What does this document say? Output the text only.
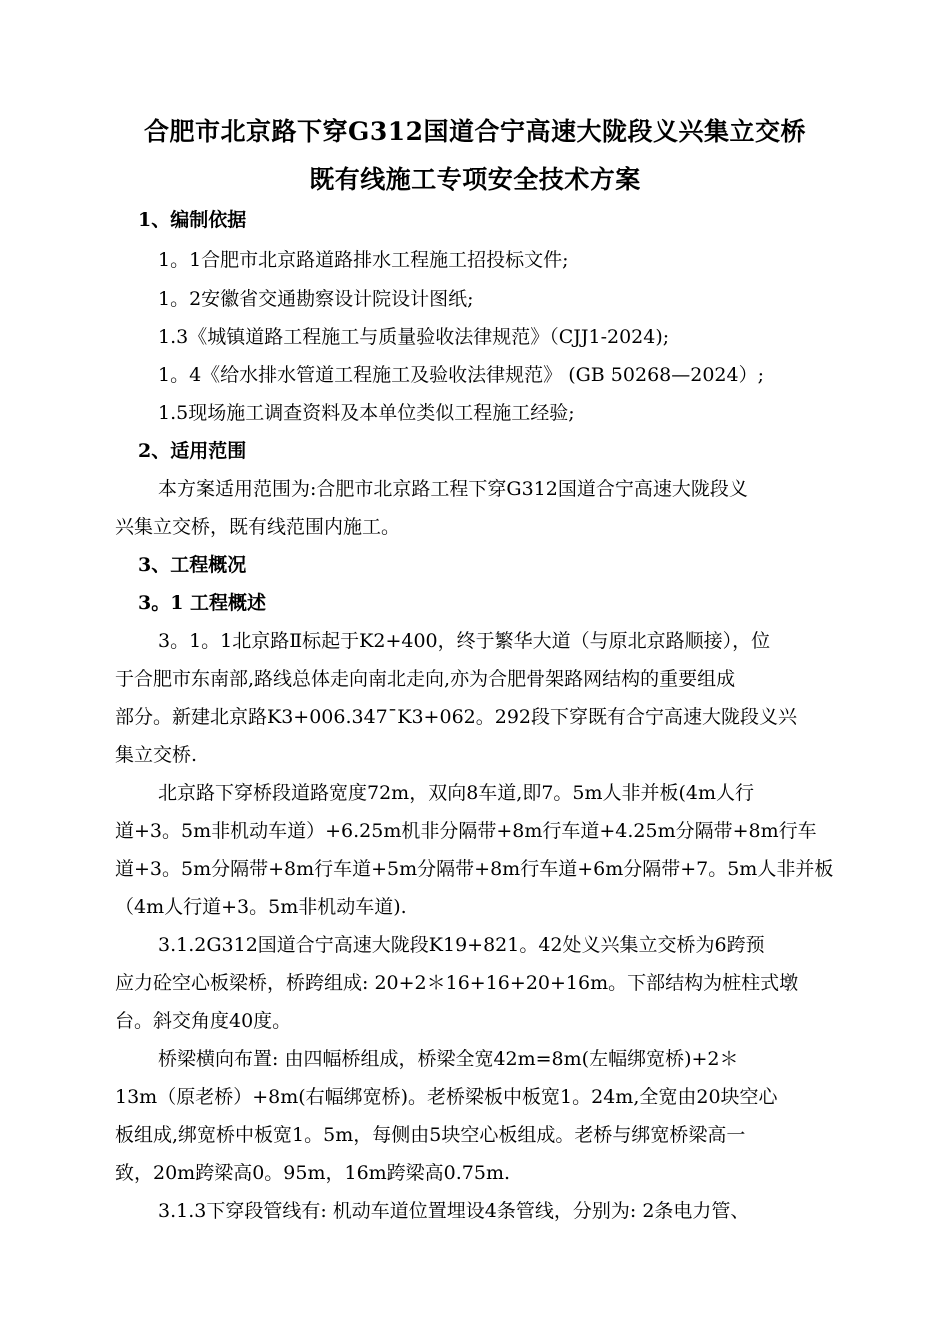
合肥市北京路下穿G312国道合宁高速大陇段义兴集立交桥
既有线施工专项安全技术方案
1、编制依据
1。1合肥市北京路道路排水工程施工招投标文件;
1。2安徽省交通勘察设计院设计图纸;
1.3《城镇道路工程施工与质量验收法律规范》（CJJ1-2024);
1。4《给水排水管道工程施工及验收法律规范》 (GB 50268—2024）;
1.5现场施工调查资料及本单位类似工程施工经验;
2、适用范围
本方案适用范围为:合肥市北京路工程下穿G312国道合宁高速大陇段义
兴集立交桥，既有线范围内施工。
3、工程概况
3。1 工程概述
3。1。1北京路Ⅱ标起于K2+400，终于繁华大道（与原北京路顺接），位
于合肥市东南部,路线总体走向南北走向,亦为合肥骨架路网结构的重要组成
部分。新建北京路K3+006.347¯K3+062。292段下穿既有合宁高速大陇段义兴
集立交桥.
北京路下穿桥段道路宽度72m，双向8车道,即7。5m人非并板(4m人行
道+3。5m非机动车道）+6.25m机非分隔带+8m行车道+4.25m分隔带+8m行车
道+3。5m分隔带+8m行车道+5m分隔带+8m行车道+6m分隔带+7。5m人非并板
（4m人行道+3。5m非机动车道).
3.1.2G312国道合宁高速大陇段K19+821。42处义兴集立交桥为6跨预
应力砼空心板梁桥，桥跨组成: 20+2＊16+16+20+16m。下部结构为桩柱式墩
台。斜交角度40度。
桥梁横向布置: 由四幅桥组成，桥梁全宽42m=8m(左幅绑宽桥)+2＊
13m（原老桥）+8m(右幅绑宽桥)。老桥梁板中板宽1。24m,全宽由20块空心
板组成,绑宽桥中板宽1。5m，每侧由5块空心板组成。老桥与绑宽桥梁高一
致，20m跨梁高0。95m，16m跨梁高0.75m.
3.1.3下穿段管线有: 机动车道位置埋设4条管线，分别为: 2条电力管、
